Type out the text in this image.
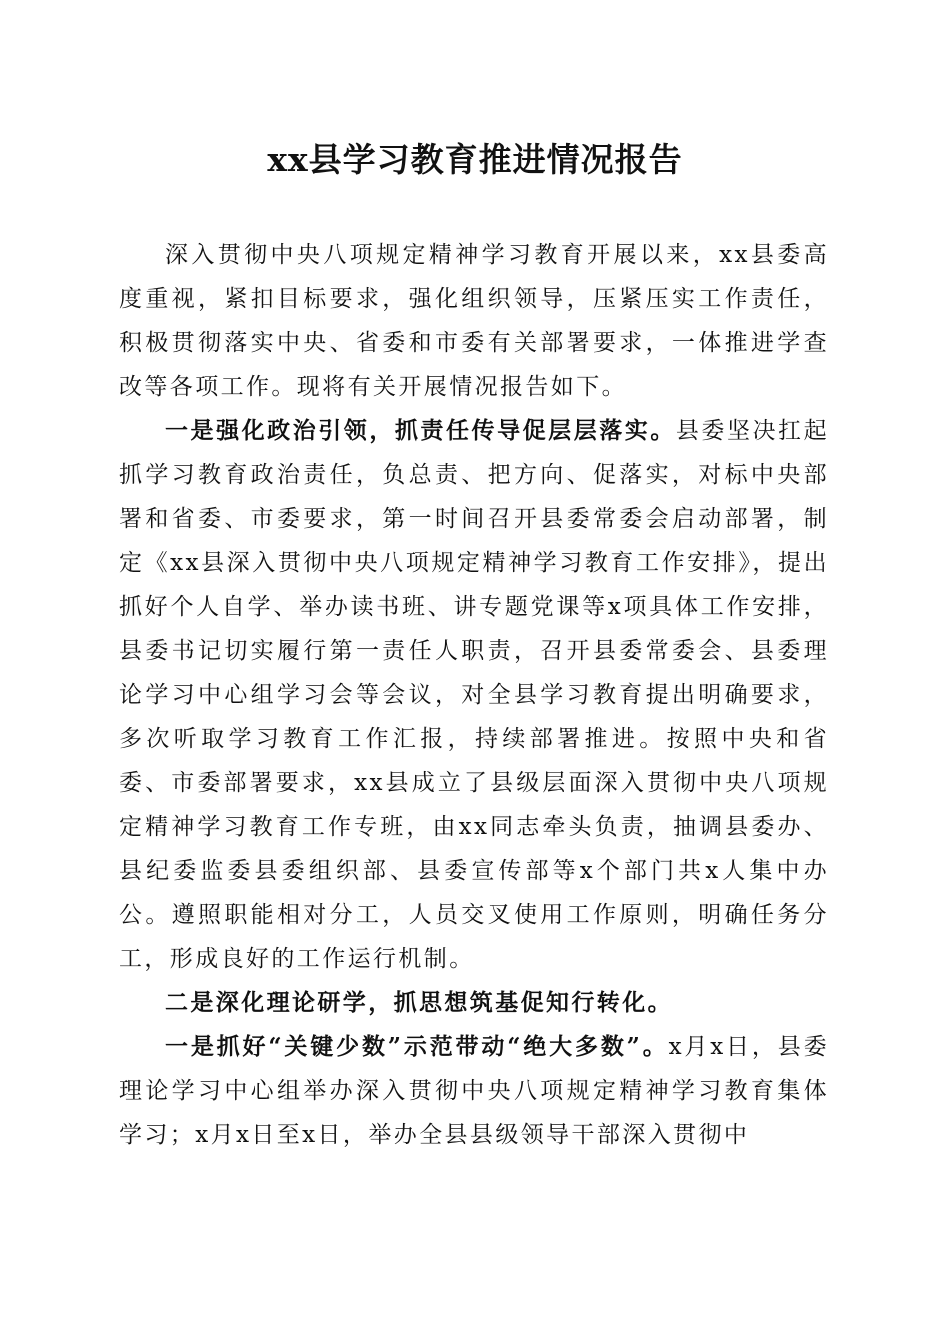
xx县学习教育推进情况报告

深入贯彻中央八项规定精神学习教育开展以来，xx县委高度重视，紧扣目标要求，强化组织领导，压紧压实工作责任，积极贯彻落实中央、省委和市委有关部署要求，一体推进学查改等各项工作。现将有关开展情况报告如下。

一是强化政治引领，抓责任传导促层层落实。县委坚决扛起抓学习教育政治责任，负总责、把方向、促落实，对标中央部署和省委、市委要求，第一时间召开县委常委会启动部署，制定《xx县深入贯彻中央八项规定精神学习教育工作安排》，提出抓好个人自学、举办读书班、讲专题党课等x项具体工作安排，县委书记切实履行第一责任人职责，召开县委常委会、县委理论学习中心组学习会等会议，对全县学习教育提出明确要求，多次听取学习教育工作汇报，持续部署推进。按照中央和省委、市委部署要求，xx县成立了县级层面深入贯彻中央八项规定精神学习教育工作专班，由xx同志牵头负责，抽调县委办、县纪委监委县委组织部、县委宣传部等x个部门共x人集中办公。遵照职能相对分工，人员交叉使用工作原则，明确任务分工，形成良好的工作运行机制。

二是深化理论研学，抓思想筑基促知行转化。

一是抓好“关键少数”示范带动“绝大多数”。x月x日，县委理论学习中心组举办深入贯彻中央八项规定精神学习教育集体学习；x月x日至x日，举办全县县级领导干部深入贯彻中
